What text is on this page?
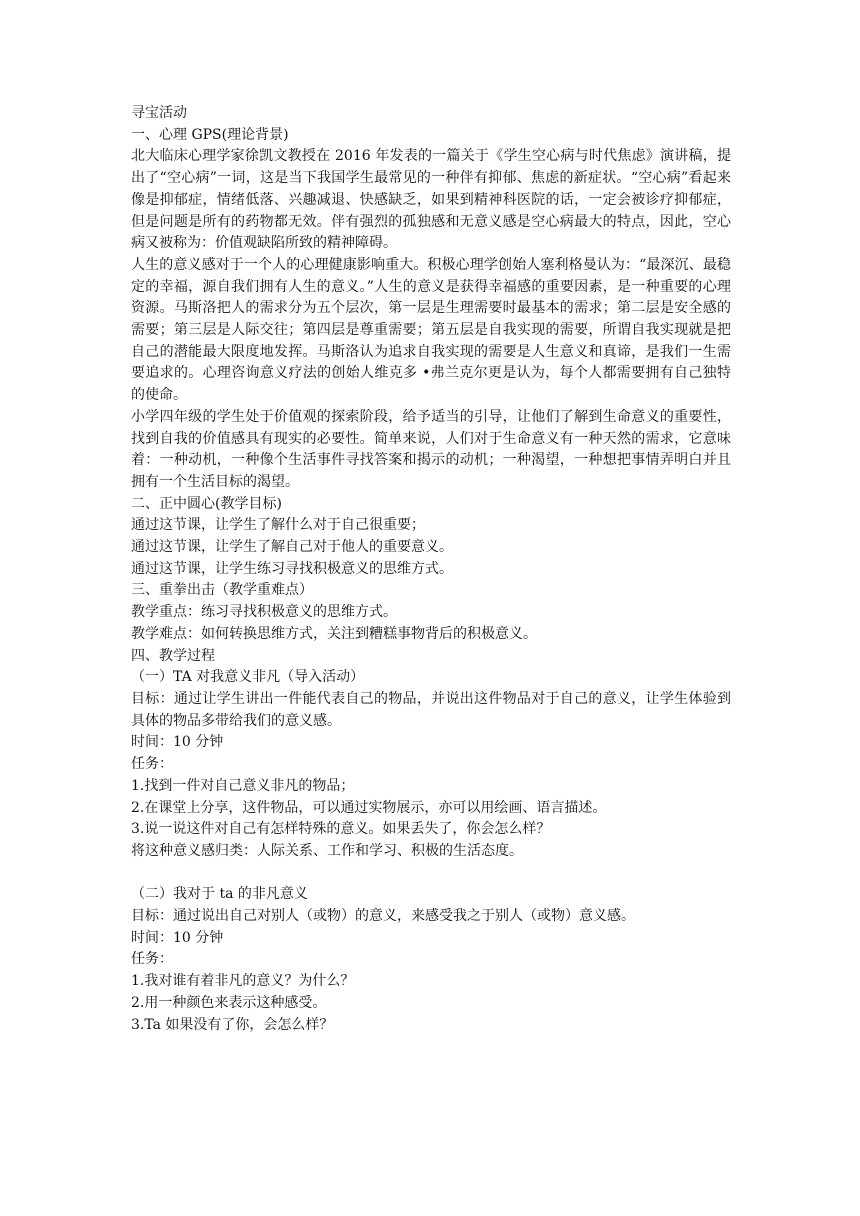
寻宝活动

一、心理 GPS(理论背景)

北大临床心理学家徐凯文教授在 2016 年发表的一篇关于《学生空心病与时代焦虑》演讲稿，提出了“空心病”一词，这是当下我国学生最常见的一种伴有抑郁、焦虑的新症状。“空心病”看起来像是抑郁症，情绪低落、兴趣减退、快感缺乏，如果到精神科医院的话，一定会被诊疗抑郁症，但是问题是所有的药物都无效。伴有强烈的孤独感和无意义感是空心病最大的特点，因此，空心病又被称为：价值观缺陷所致的精神障碍。

人生的意义感对于一个人的心理健康影响重大。积极心理学创始人塞利格曼认为：“最深沉、最稳定的幸福，源自我们拥有人生的意义。”人生的意义是获得幸福感的重要因素，是一种重要的心理资源。马斯洛把人的需求分为五个层次，第一层是生理需要时最基本的需求；第二层是安全感的需要；第三层是人际交往；第四层是尊重需要；第五层是自我实现的需要，所谓自我实现就是把自己的潜能最大限度地发挥。马斯洛认为追求自我实现的需要是人生意义和真谛，是我们一生需要追求的。心理咨询意义疗法的创始人维克多 •弗兰克尔更是认为，每个人都需要拥有自己独特的使命。

小学四年级的学生处于价值观的探索阶段，给予适当的引导，让他们了解到生命意义的重要性，找到自我的价值感具有现实的必要性。简单来说，人们对于生命意义有一种天然的需求，它意味着：一种动机，一种像个生活事件寻找答案和揭示的动机；一种渴望，一种想把事情弄明白并且拥有一个生活目标的渴望。

二、正中圆心(教学目标)

通过这节课，让学生了解什么对于自己很重要；

通过这节课，让学生了解自己对于他人的重要意义。

通过这节课，让学生练习寻找积极意义的思维方式。

三、重拳出击（教学重难点）

教学重点：练习寻找积极意义的思维方式。

教学难点：如何转换思维方式，关注到糟糕事物背后的积极意义。

四、教学过程

（一）TA 对我意义非凡（导入活动）

目标：通过让学生讲出一件能代表自己的物品，并说出这件物品对于自己的意义，让学生体验到具体的物品多带给我们的意义感。

时间：10 分钟

任务：

1.找到一件对自己意义非凡的物品；

2.在课堂上分享，这件物品，可以通过实物展示，亦可以用绘画、语言描述。

3.说一说这件对自己有怎样特殊的意义。如果丢失了，你会怎么样？

将这种意义感归类：人际关系、工作和学习、积极的生活态度。

（二）我对于 ta 的非凡意义

目标：通过说出自己对别人（或物）的意义，来感受我之于别人（或物）意义感。

时间：10 分钟

任务：

1.我对谁有着非凡的意义？为什么？

2.用一种颜色来表示这种感受。

3.Ta 如果没有了你，会怎么样？
